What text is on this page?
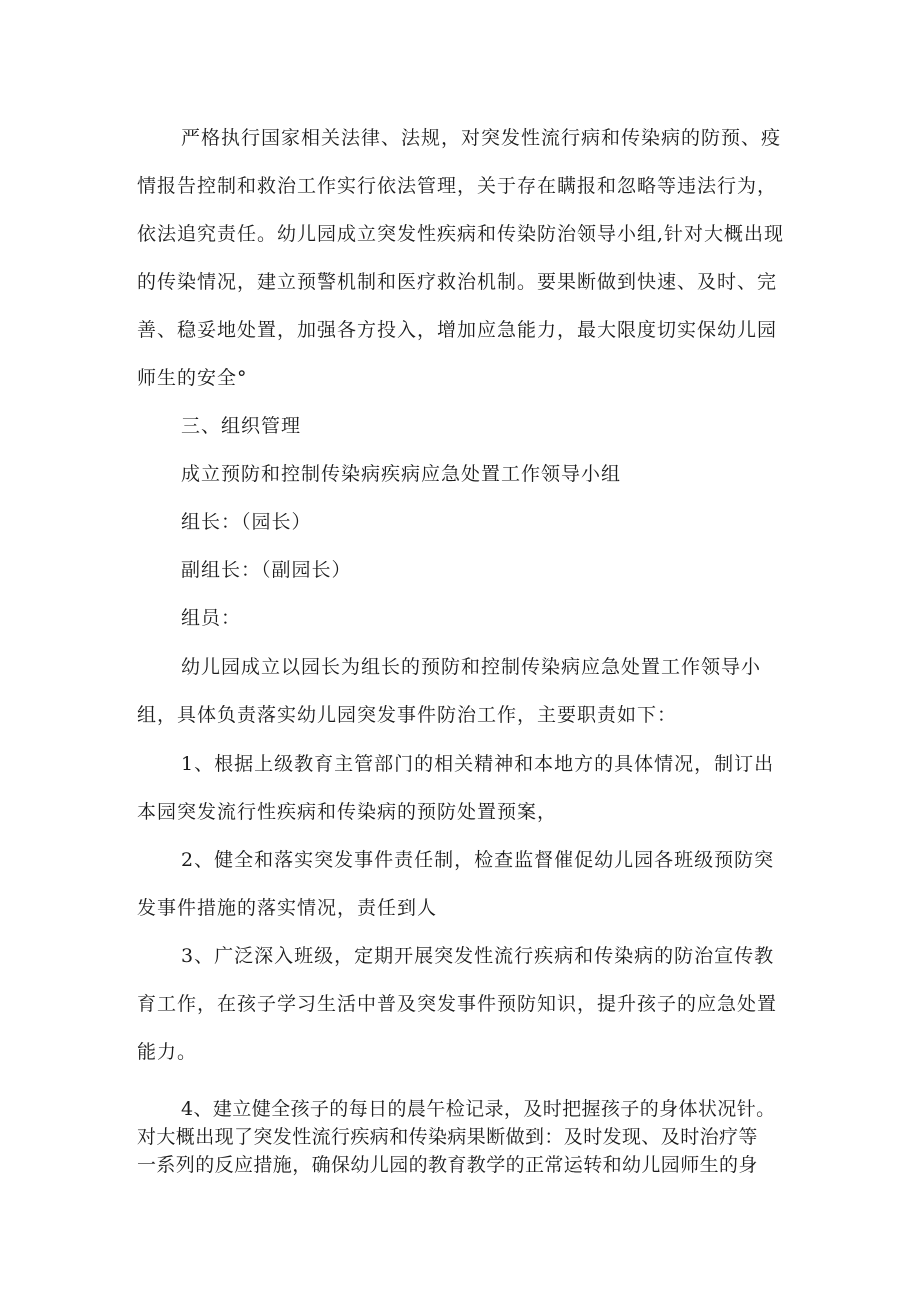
严格执行国家相关法律、法规，对突发性流行病和传染病的防预、疫
情报告控制和救治工作实行依法管理，关于存在瞒报和忽略等违法行为，
依法追究责任。幼儿园成立突发性疾病和传染防治领导小组,针对大概出现
的传染情况，建立预警机制和医疗救治机制。要果断做到快速、及时、完
善、稳妥地处置，加强各方投入，增加应急能力，最大限度切实保幼儿园
师生的安全°
三、组织管理
成立预防和控制传染病疾病应急处置工作领导小组
组长：（园长）
副组长：（副园长）
组员：
幼儿园成立以园长为组长的预防和控制传染病应急处置工作领导小
组，具体负责落实幼儿园突发事件防治工作，主要职责如下：
1、根据上级教育主管部门的相关精神和本地方的具体情况，制订出
本园突发流行性疾病和传染病的预防处置预案，
2、健全和落实突发事件责任制，检查监督催促幼儿园各班级预防突
发事件措施的落实情况，责任到人
3、广泛深入班级，定期开展突发性流行疾病和传染病的防治宣传教
育工作，在孩子学习生活中普及突发事件预防知识，提升孩子的应急处置
能力。
4、建立健全孩子的每日的晨午检记录，及时把握孩子的身体状况针。
对大概出现了突发性流行疾病和传染病果断做到：及时发现、及时治疗等
一系列的反应措施，确保幼儿园的教育教学的正常运转和幼儿园师生的身
